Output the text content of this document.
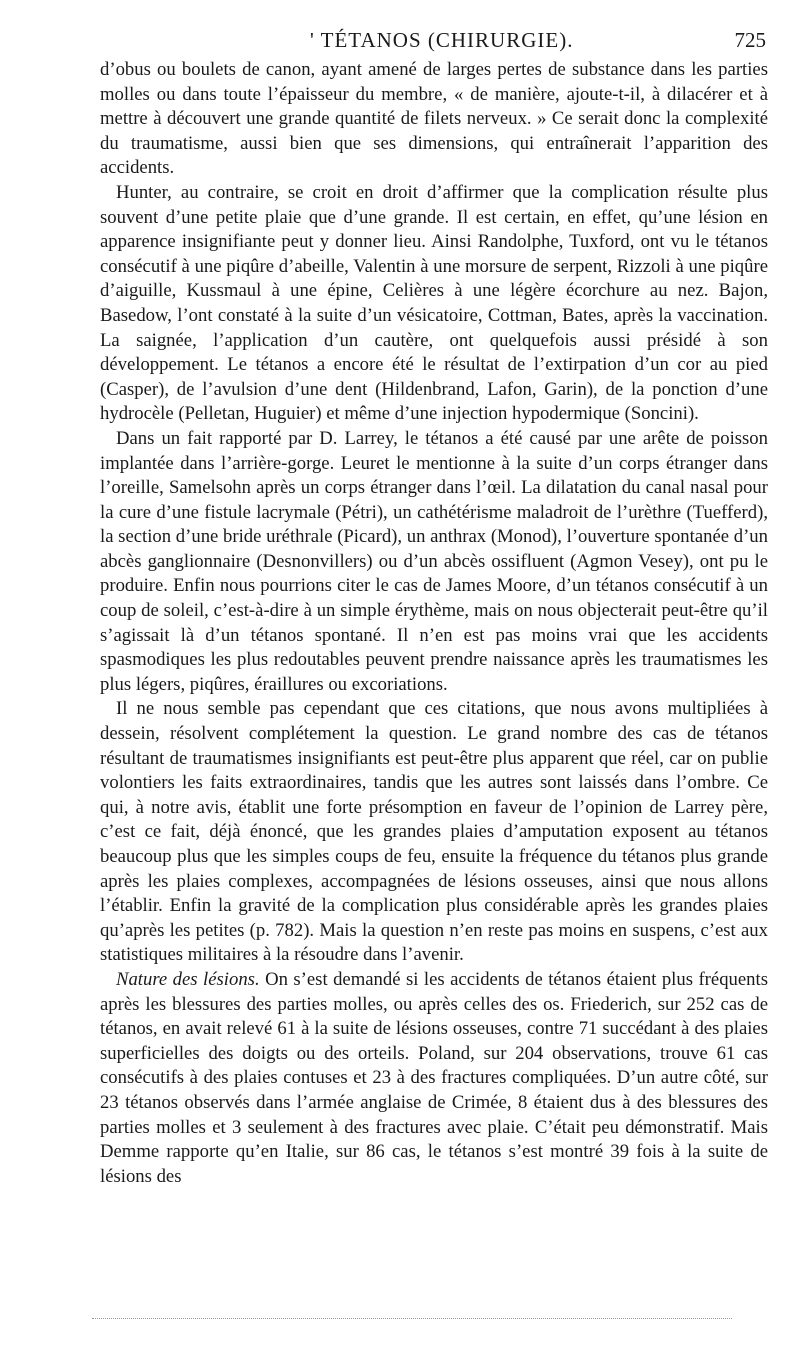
' TÉTANOS (CHIRURGIE).	725

d’obus ou boulets de canon, ayant amené de larges pertes de substance dans les parties molles ou dans toute l’épaisseur du membre, « de manière, ajoute-t-il, à dilacérer et à mettre à découvert une grande quantité de filets nerveux. » Ce serait donc la complexité du traumatisme, aussi bien que ses dimensions, qui entraînerait l’apparition des accidents.

Hunter, au contraire, se croit en droit d’affirmer que la complication résulte plus souvent d’une petite plaie que d’une grande. Il est certain, en effet, qu’une lésion en apparence insignifiante peut y donner lieu. Ainsi Randolphe, Tuxford, ont vu le tétanos consécutif à une piqûre d’abeille, Valentin à une morsure de serpent, Rizzoli à une piqûre d’aiguille, Kussmaul à une épine, Celières à une légère écorchure au nez. Bajon, Basedow, l’ont constaté à la suite d’un vésicatoire, Cottman, Bates, après la vaccination. La saignée, l’application d’un cautère, ont quelquefois aussi présidé à son développement. Le tétanos a encore été le résultat de l’extirpation d’un cor au pied (Casper), de l’avulsion d’une dent (Hildenbrand, Lafon, Garin), de la ponction d’une hydrocèle (Pelletan, Huguier) et même d’une injection hypodermique (Soncini).

Dans un fait rapporté par D. Larrey, le tétanos a été causé par une arête de poisson implantée dans l’arrière-gorge. Leuret le mentionne à la suite d’un corps étranger dans l’oreille, Samelsohn après un corps étranger dans l’œil. La dilatation du canal nasal pour la cure d’une fistule lacrymale (Pétri), un cathétérisme maladroit de l’urèthre (Tuefferd), la section d’une bride uréthrale (Picard), un anthrax (Monod), l’ouverture spontanée d’un abcès ganglionnaire (Desnonvillers) ou d’un abcès ossifluent (Agmon Vesey), ont pu le produire. Enfin nous pourrions citer le cas de James Moore, d’un tétanos consécutif à un coup de soleil, c’est-à-dire à un simple érythème, mais on nous objecterait peut-être qu’il s’agissait là d’un tétanos spontané. Il n’en est pas moins vrai que les accidents spasmodiques les plus redoutables peuvent prendre naissance après les traumatismes les plus légers, piqûres, éraillures ou excoriations.

Il ne nous semble pas cependant que ces citations, que nous avons multipliées à dessein, résolvent complétement la question. Le grand nombre des cas de tétanos résultant de traumatismes insignifiants est peut-être plus apparent que réel, car on publie volontiers les faits extraordinaires, tandis que les autres sont laissés dans l’ombre. Ce qui, à notre avis, établit une forte présomption en faveur de l’opinion de Larrey père, c’est ce fait, déjà énoncé, que les grandes plaies d’amputation exposent au tétanos beaucoup plus que les simples coups de feu, ensuite la fréquence du tétanos plus grande après les plaies complexes, accompagnées de lésions osseuses, ainsi que nous allons l’établir. Enfin la gravité de la complication plus considérable après les grandes plaies qu’après les petites (p. 782). Mais la question n’en reste pas moins en suspens, c’est aux statistiques militaires à la résoudre dans l’avenir.

Nature des lésions. On s’est demandé si les accidents de tétanos étaient plus fréquents après les blessures des parties molles, ou après celles des os. Friederich, sur 252 cas de tétanos, en avait relevé 61 à la suite de lésions osseuses, contre 71 succédant à des plaies superficielles des doigts ou des orteils. Poland, sur 204 observations, trouve 61 cas consécutifs à des plaies contuses et 23 à des fractures compliquées. D’un autre côté, sur 23 tétanos observés dans l’armée anglaise de Crimée, 8 étaient dus à des blessures des parties molles et 3 seulement à des fractures avec plaie. C’était peu démonstratif. Mais Demme rapporte qu’en Italie, sur 86 cas, le tétanos s’est montré 39 fois à la suite de lésions des
